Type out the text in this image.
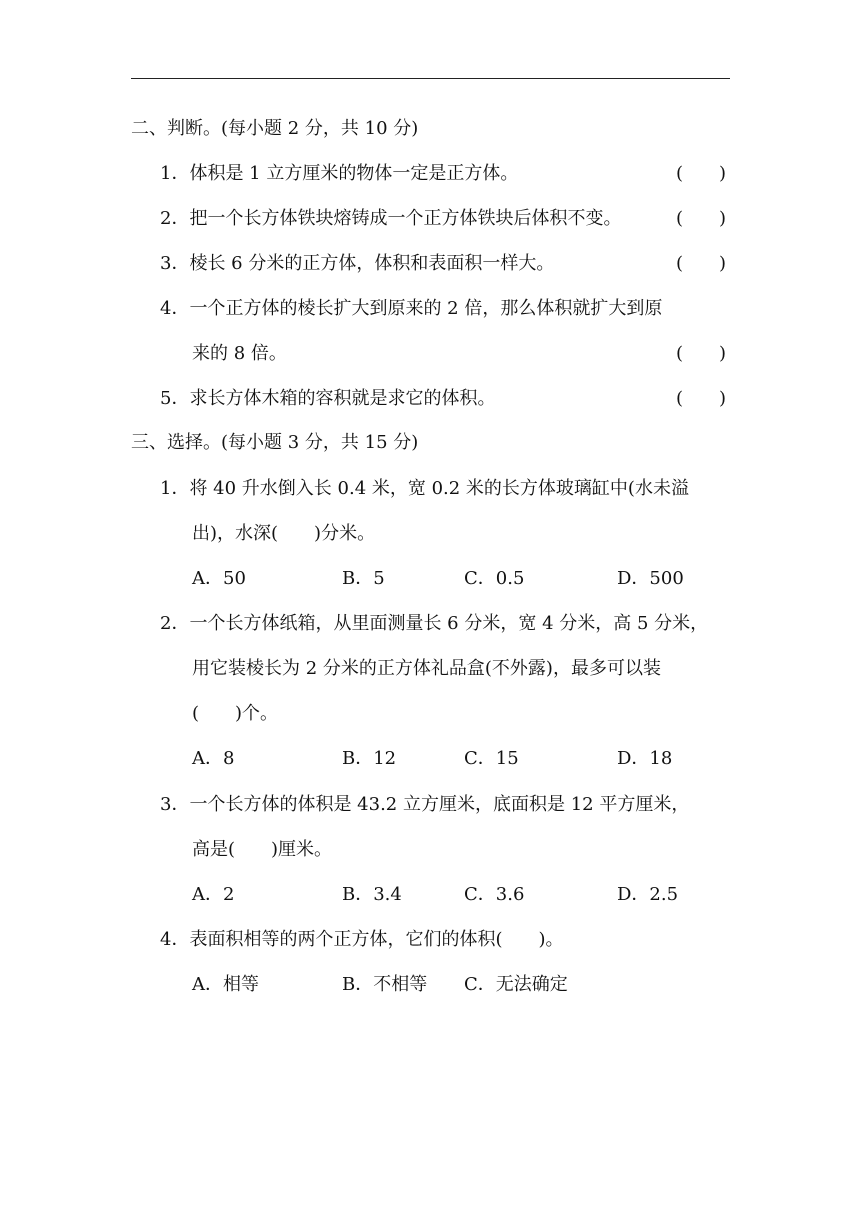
二、判断。(每小题 2 分，共 10 分)
1．体积是 1 立方厘米的物体一定是正方体。	(　　)
2．把一个长方体铁块熔铸成一个正方体铁块后体积不变。	(　　)
3．棱长 6 分米的正方体，体积和表面积一样大。	(　　)
4．一个正方体的棱长扩大到原来的 2 倍，那么体积就扩大到原
来的 8 倍。	(　　)
5．求长方体木箱的容积就是求它的体积。	(　　)
三、选择。(每小题 3 分，共 15 分)
1．将 40 升水倒入长 0.4 米，宽 0.2 米的长方体玻璃缸中(水未溢
出)，水深(　　)分米。
A．50	B．5	C．0.5	D．500
2．一个长方体纸箱，从里面测量长 6 分米，宽 4 分米，高 5 分米，
用它装棱长为 2 分米的正方体礼品盒(不外露)，最多可以装
(　　)个。
A．8	B．12	C．15	D．18
3．一个长方体的体积是 43.2 立方厘米，底面积是 12 平方厘米，
高是(　　)厘米。
A．2	B．3.4	C．3.6	D．2.5
4．表面积相等的两个正方体，它们的体积(　　)。
A．相等	B．不相等 C．无法确定
